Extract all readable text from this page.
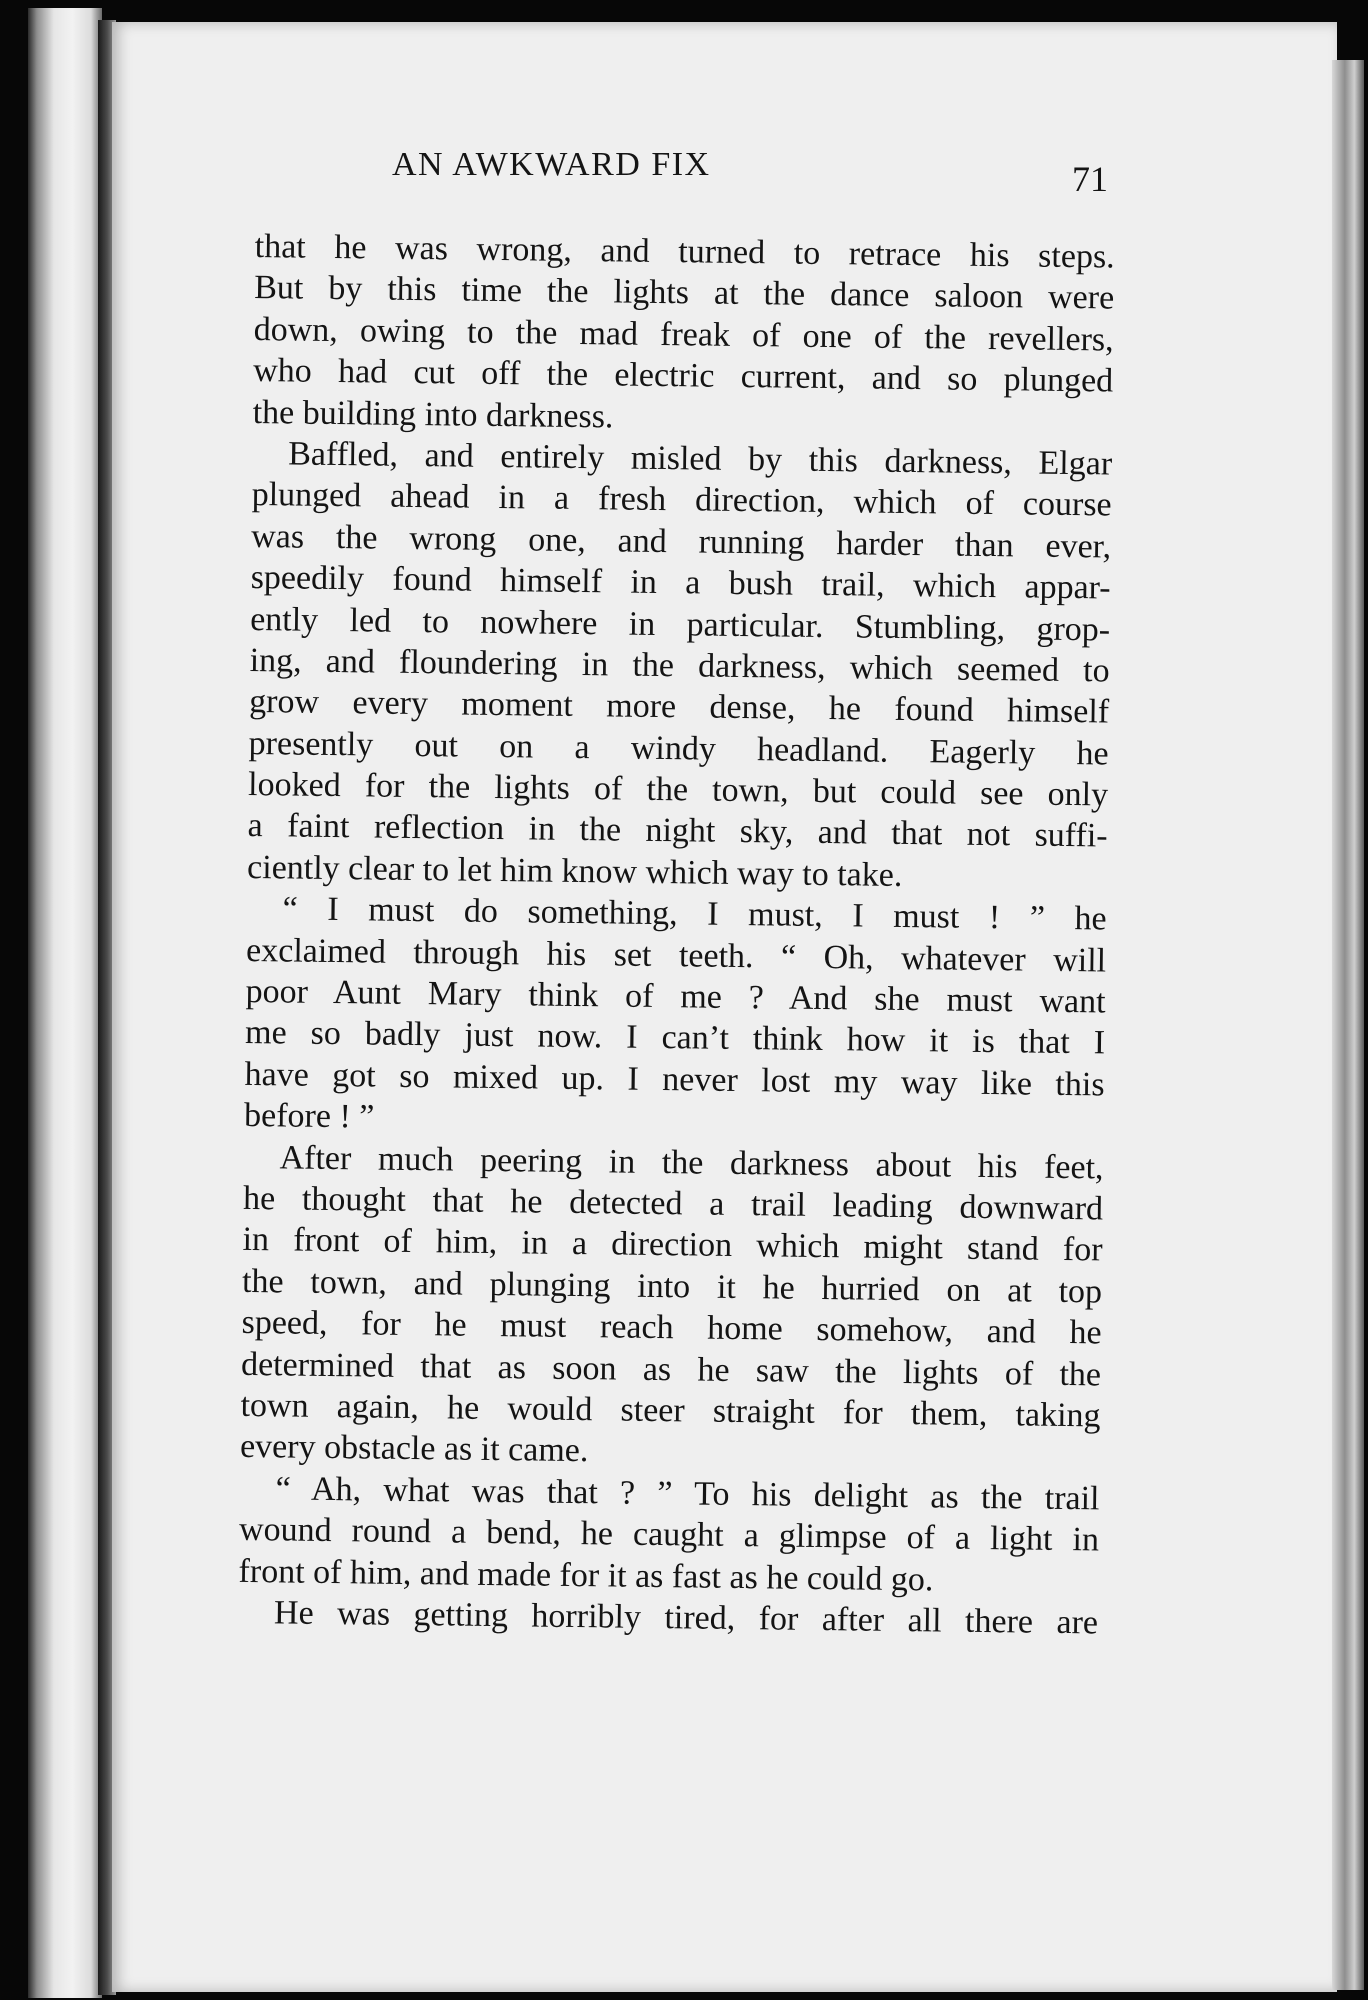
AN AWKWARD FIX	71
that he was wrong, and turned to retrace his steps.
But by this time the lights at the dance saloon were
down, owing to the mad freak of one of the revellers,
who had cut off the electric current, and so plunged
the building into darkness.
Baffled, and entirely misled by this darkness, Elgar
plunged ahead in a fresh direction, which of course
was the wrong one, and running harder than ever,
speedily found himself in a bush trail, which appar-
ently led to nowhere in particular. Stumbling, grop-
ing, and floundering in the darkness, which seemed to
grow every moment more dense, he found himself
presently out on a windy headland. Eagerly he
looked for the lights of the town, but could see only
a faint reflection in the night sky, and that not suffi-
ciently clear to let him know which way to take.
“ I must do something, I must, I must ! ” he
exclaimed through his set teeth. “ Oh, whatever will
poor Aunt Mary think of me ? And she must want
me so badly just now. I can’t think how it is that I
have got so mixed up. I never lost my way like this
before ! ”
After much peering in the darkness about his feet,
he thought that he detected a trail leading downward
in front of him, in a direction which might stand for
the town, and plunging into it he hurried on at top
speed, for he must reach home somehow, and he
determined that as soon as he saw the lights of the
town again, he would steer straight for them, taking
every obstacle as it came.
“ Ah, what was that ? ” To his delight as the trail
wound round a bend, he caught a glimpse of a light in
front of him, and made for it as fast as he could go.
He was getting horribly tired, for after all there are
